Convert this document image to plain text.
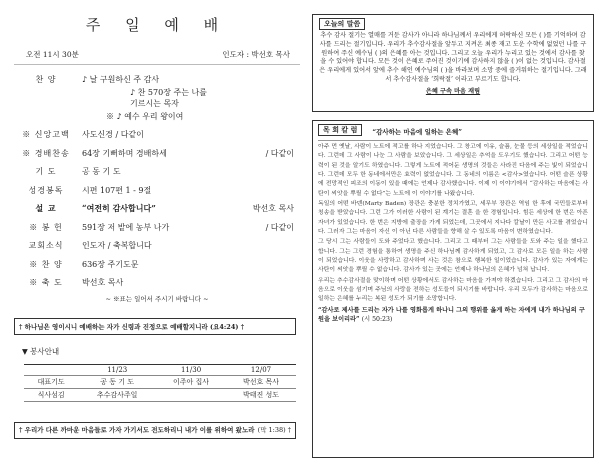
주 일 예 배
오전 11시 30분	인도자 : 박선호 목사
찬 양	♪ 날 구원하신 주 감사
♪ 찬 570장 주는 나를 기르시는 목자
※ ♪ 예수 우리 왕이여
※ 신앙고백	사도신경 / 다같이
※ 경배찬송	64장 기뻐하며 경배하세	/ 다같이
기 도	공 동 기 도
성경봉독	시편 107편 1 - 9절
설 교	“여전히 감사합니다”	박선호 목사
※ 봉 헌	591장 저 밭에 농부 나가	/ 다같이
교회소식	인도자 / 축복합니다
※ 찬 양	636장 주기도문
※ 축 도	박선호 목사
~ ※표는 일어서 주시기 바랍니다 ~
† 하나님은 영이시니 예배하는 자가 신령과 진정으로 예배할지니라 (요4:24) †
▼ 봉사안내
	11/23	11/30	12/07
대표기도	공 동 기 도	이주아 집사	박선호 목사
식사섬김	추수감사주일		박태진 성도
† 우리가 다른 까마운 마음들로 가자 가기서도 전도하리니 내가 이를 위하여 왔노라 (막 1:38) †
오늘의 말씀
추수 감사 절기는 열매를 거둔 감사가 아니라 하나님께서 우리에게 허락하신 모든 ( )를 기억하며 감사를 드리는 절기입니다. 우리가 추수감사절을 앞두고 지켜온 최종 재고 도운 수학에 없었던 나를 구원하여 주신 예수님 ( )의 은혜를 아는 것입니다. 그리고 오늘 우리가 누리고 있는 것에서 감사를 찾을 수 있어야 합니다. 모든 것이 은혜로 주어진 것이기에 감사하지 않을 ( )이 없는 것입니다. 감사절은 우리에게 있어서 앞에 추수 해인 예수님의 ( )을 바라보며 소망 중에 즐거워하는 절기입니다. 그래서 추수감사절을 ‘희락절’ 이라고 부르기도 합니다.
은혜 구속 마음 재림
목 회 칼 럼	“감사하는 마음에 일하는 은혜”

아주 먼 옛날, 사람이 노트에 적고를 하나 지었습니다. 그 창고에 이유, 슬픔, 눈물 등의 세상일을 적었습니다. 그런데 그 사람이 나눈 그 사람을 보았습니다. 그 세상일은 추억을 도우기도 했습니다. 그리고 어떤 능력이 된 것을 알기도 하였습니다. 그렇게 노트에 적어둔 생명의 것들은 사라진 다음에 주는 빛이 되었습니다. 그런데 모두 한 동네에서만은 효력이 없었습니다. 그 동네의 이름은 <감사>였습니다. 어떤 슬픈 상황에 전망적인 피조의 이동이 있을 때에는 언제나 감사했습니다. 이제 이 이야기에서 “감사하는 마음에는 사탄이 씨앗을 뿌릴 수 없다”는 노트에 이 이야기를 나왔습니다.

독일의 어떤 바덴(Marty Baden) 장관은 충분한 정치가였고, 세무부 장관은 역임 한 후에 국민들로부터 칭송을 받았습니다. 그런 그가 이러한 사람이 된 계기는 결혼 을 한 경험입니다. 힘든 세상에 한 번은 아픈 자녀가 있었습니다. 한 번은 지방에 출장을 가게 되었는데, 그곳에서 지나다 칼날이 만든 사고를 겪었습니다. 그러자 그는 마음이 자신 이 아닌 다른 사람들을 향해 살 수 있도록 마음이 변하였습니다.

그 당시 그는 사람들이 도와 주었다고 했습니다. 그리고 그 때부터 그는 사람들을 도와 주는 일을 했다고 합니다. 그는 그런 경험을 통하여 생명을 주신 하나님께 감사하게 되었고, 그 감사로 모든 일을 하는 사람이 되었습니다. 이웃을 사랑하고 감사하며 사는 것은 참으로 행복한 일이었습니다. 감사가 있는 자에게는 사탄이 씨앗을 뿌릴 수 없습니다. 감사가 있는 곳에는 언제나 하나님의 은혜가 넘쳐 납니다.

우리는 추수감사절을 맞이하며 어떤 상황에서도 감사하는 마음을 가져야 하겠습니다. 그리고 그 감사의 마음으로 이웃을 섬기며 주님의 사랑을 전하는 성도들이 되시기를 바랍니다. 우리 모두가 감사하는 마음으로 일하는 은혜를 누리는 복된 성도가 되기를 소망합니다.

“감사로 제사를 드리는 자가 나를 영화롭게 하나니 그의 행위를 옳게 하는 자에게 내가 하나님의 구원을 보이리라” (시 50:23)
